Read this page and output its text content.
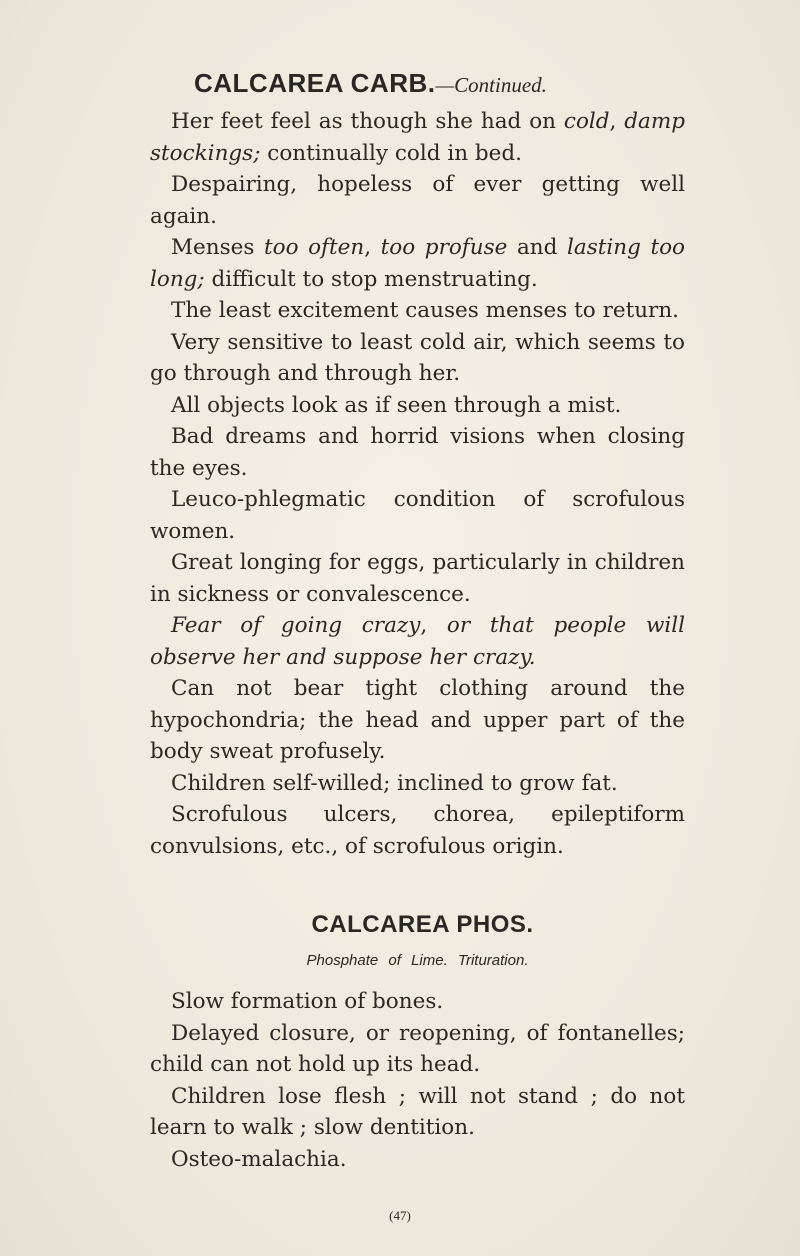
CALCAREA CARB.—Continued.

Her feet feel as though she had on cold, damp stockings; continually cold in bed.

Despairing, hopeless of ever getting well again.

Menses too often, too profuse and lasting too long; difficult to stop menstruating.

The least excitement causes menses to return.

Very sensitive to least cold air, which seems to go through and through her.

All objects look as if seen through a mist.

Bad dreams and horrid visions when closing the eyes.

Leuco-phlegmatic condition of scrofulous women.

Great longing for eggs, particularly in children in sickness or convalescence.

Fear of going crazy, or that people will observe her and suppose her crazy.

Can not bear tight clothing around the hypochondria; the head and upper part of the body sweat profusely.

Children self-willed; inclined to grow fat.

Scrofulous ulcers, chorea, epileptiform convulsions, etc., of scrofulous origin.

CALCAREA PHOS.
Phosphate of Lime. Trituration.

Slow formation of bones.

Delayed closure, or reopening, of fontanelles; child can not hold up its head.

Children lose flesh ; will not stand ; do not learn to walk ; slow dentition.

Osteo-malachia.

(47)
